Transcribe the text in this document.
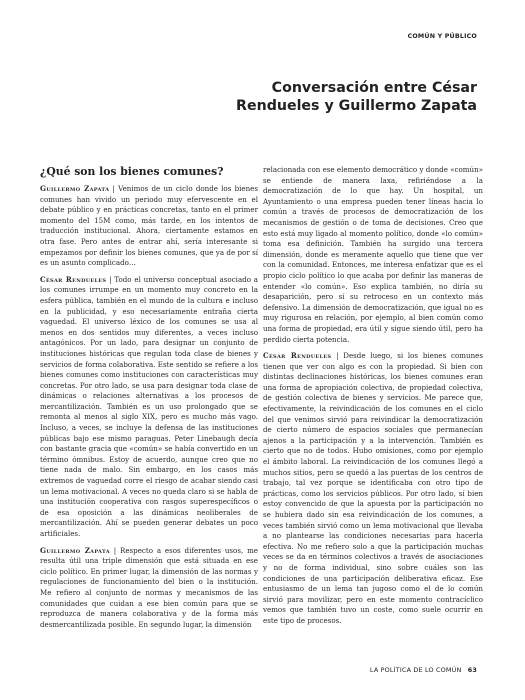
COMÚN Y PÚBLICO
Conversación entre César
Rendueles y Guillermo Zapata
¿Qué son los bienes comunes?

Guillermo Zapata | Venimos de un ciclo donde los bienes comunes han vivido un periodo muy efervescente en el debate público y en prácticas concretas, tanto en el primer momento del 15M como, más tarde, en los intentos de traducción institucional. Ahora, ciertamente estamos en otra fase. Pero antes de entrar ahí, sería interesante si empezamos por definir los bienes comunes, que ya de por sí es un asunto complicado…

César Rendueles | Todo el universo conceptual asociado a los comunes irrumpe en un momento muy concreto en la esfera pública, también en el mundo de la cultura e incluso en la publicidad, y eso necesariamente entraña cierta vaguedad. El universo léxico de los comunes se usa al menos en dos sentidos muy diferentes, a veces incluso antagónicos. Por un lado, para designar un conjunto de instituciones históricas que regulan toda clase de bienes y servicios de forma colaborativa. Este sentido se refiere a los bienes comunes como instituciones con características muy concretas. Por otro lado, se usa para designar toda clase de dinámicas o relaciones alternativas a los procesos de mercantilización. También es un uso prolongado que se remonta al menos al siglo XIX, pero es mucho más vago. Incluso, a veces, se incluye la defensa de las instituciones públicas bajo ese mismo paraguas. Peter Linebaugh decía con bastante gracia que «común» se había convertido en un término ómnibus. Estoy de acuerdo, aunque creo que no tiene nada de malo. Sin embargo, en los casos más extremos de vaguedad corre el riesgo de acabar siendo casi un lema motivacional. A veces no queda claro si se habla de una institución cooperativa con rasgos superespecíficos o de esa oposición a las dinámicas neoliberales de mercantilización. Ahí se pueden generar debates un poco artificiales.

Guillermo Zapata | Respecto a esos diferentes usos, me resulta útil una triple dimensión que está situada en ese ciclo político. En primer lugar, la dimensión de las normas y regulaciones de funcionamiento del bien o la institución. Me refiero al conjunto de normas y mecanismos de las comunidades que cuidan a ese bien común para que se reproduzca de manera colaborativa y de la forma más desmercantilizada posible. En segundo lugar, la dimensión

relacionada con ese elemento democrático y donde «común» se entiende de manera laxa, refiriéndose a la democratización de lo que hay. Un hospital, un Ayuntamiento o una empresa pueden tener líneas hacia lo común a través de procesos de democratización de los mecanismos de gestión o de toma de decisiones. Creo que esto está muy ligado al momento político, donde «lo común» toma esa definición. También ha surgido una tercera dimensión, donde es meramente aquello que tiene que ver con la comunidad. Entonces, me interesa enfatizar que es el propio ciclo político lo que acaba por definir las maneras de entender «lo común». Eso explica también, no diría su desaparición, pero sí su retroceso en un contexto más defensivo. La dimensión de democratización, que igual no es muy rigurosa en relación, por ejemplo, al bien común como una forma de propiedad, era útil y sigue siendo útil, pero ha perdido cierta potencia.

César Rendueles | Desde luego, si los bienes comunes tienen que ver con algo es con la propiedad. Si bien con distintas declinaciones históricas, los bienes comunes eran una forma de apropiación colectiva, de propiedad colectiva, de gestión colectiva de bienes y servicios. Me parece que, efectivamente, la reivindicación de los comunes en el ciclo del que venimos sirvió para reivindicar la democratización de cierto número de espacios sociales que permanecían ajenos a la participación y a la intervención. También es cierto que no de todos. Hubo omisiones, como por ejemplo el ámbito laboral. La reivindicación de los comunes llegó a muchos sitios, pero se quedó a las puertas de los centros de trabajo, tal vez porque se identificaba con otro tipo de prácticas, como los servicios públicos. Por otro lado, sí bien estoy convencido de que la apuesta por la participación no se hubiera dado sin esa reivindicación de los comunes, a veces también sirvió como un lema motivacional que llevaba a no plantearse las condiciones necesarias para hacerla efectiva. No me refiero solo a que la participación muchas veces se da en términos colectivos a través de asociaciones y no de forma individual, sino sobre cuáles son las condiciones de una participación deliberativa eficaz. Ese entusiasmo de un lema tan jugoso como el de lo común sirvió para movilizar, pero en este momento contracíclico vemos que también tuvo un coste, como suele ocurrir en este tipo de procesos.

LA POLÍTICA DE LO COMÚN 63
